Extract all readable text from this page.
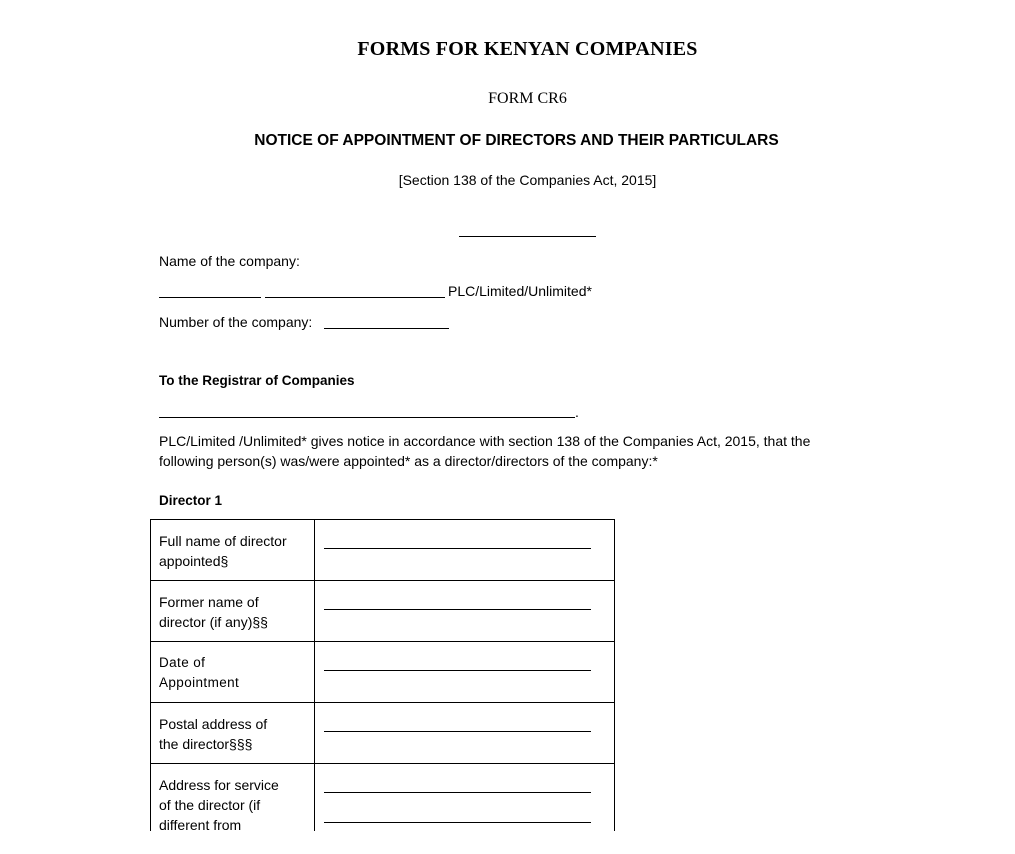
FORMS FOR KENYAN COMPANIES
FORM CR6
NOTICE OF APPOINTMENT OF DIRECTORS AND THEIR PARTICULARS
[Section 138 of the Companies Act, 2015]
Name of the company:
PLC/Limited/Unlimited*
Number of the company:
To the Registrar of Companies
.
PLC/Limited /Unlimited* gives notice in accordance with section 138 of the Companies Act, 2015, that the
following person(s) was/were appointed* as a director/directors of the company:*
Director 1
Full name of director
appointed§
Former name of
director (if any)§§
Date of
Appointment
Postal address of
the director§§§
Address for service
of the director (if
different from
